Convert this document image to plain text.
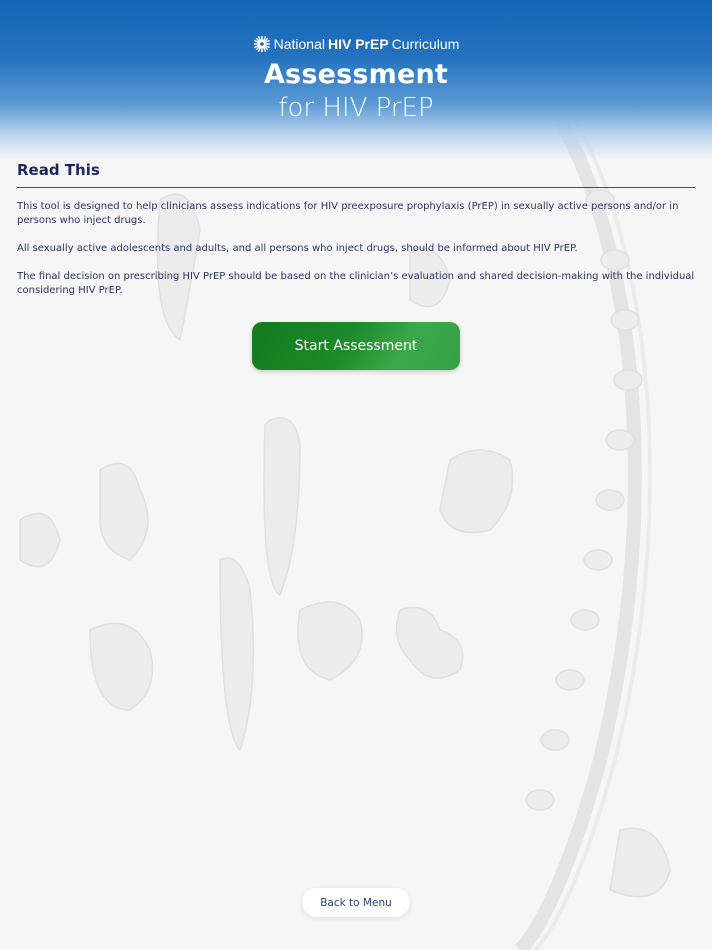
National HIV PrEP Curriculum
Assessment
for HIV PrEP
Read This

This tool is designed to help clinicians assess indications for HIV preexposure prophylaxis (PrEP) in sexually active persons and/or in persons who inject drugs.

All sexually active adolescents and adults, and all persons who inject drugs, should be informed about HIV PrEP.

The final decision on prescribing HIV PrEP should be based on the clinician’s evaluation and shared decision-making with the individual considering HIV PrEP.

Start Assessment
Back to Menu
